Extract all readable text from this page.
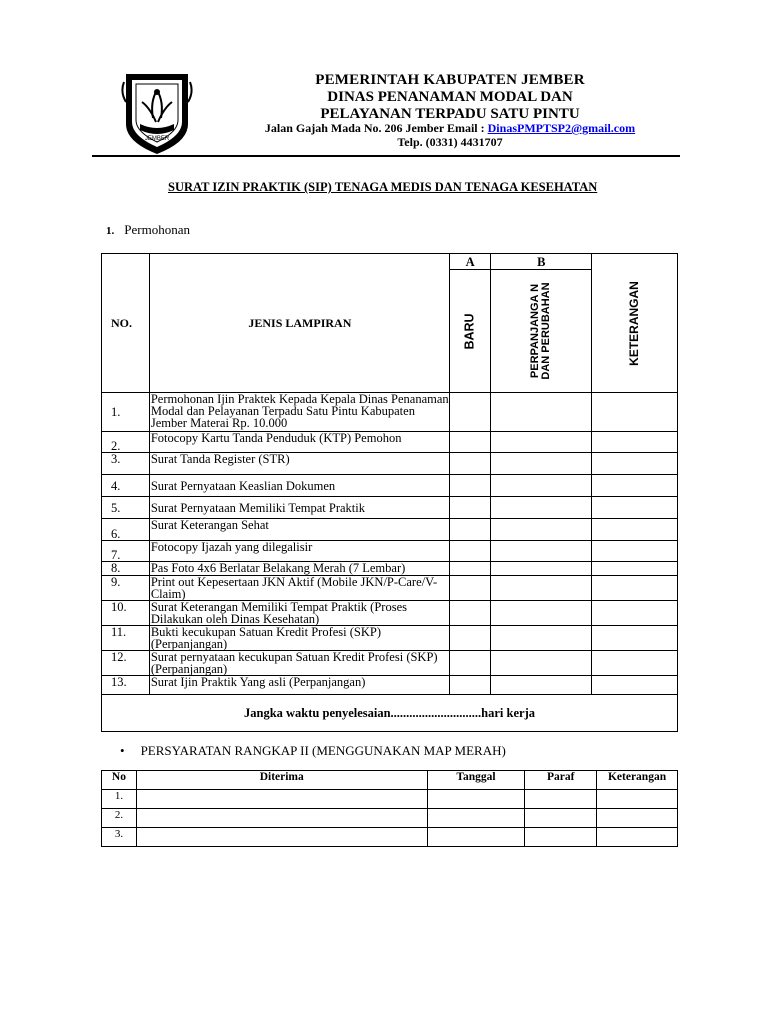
JEMBER
PEMERINTAH KABUPATEN JEMBER
DINAS PENANAMAN MODAL DAN
PELAYANAN TERPADU SATU PINTU
Jalan Gajah Mada No. 206 Jember Email : DinasPMPTSP2@gmail.com
Telp. (0331) 4431707
SURAT IZIN PRAKTIK (SIP) TENAGA MEDIS DAN TENAGA KESEHATAN
1. Permohonan
NO.	JENIS LAMPIRAN	A	B	KETERANGAN

		BARU	PERPANJANGA N DAN PERUBAHAN	

1.	Permohonan Ijin Praktek Kepada Kepala Dinas Penanaman Modal dan Pelayanan Terpadu Satu Pintu Kabupaten Jember Materai Rp. 10.000			
2.	Fotocopy Kartu Tanda Penduduk (KTP) Pemohon			
3.	Surat Tanda Register (STR)			
4.	Surat Pernyataan Keaslian Dokumen			
5.	Surat Pernyataan Memiliki Tempat Praktik			
6.	Surat Keterangan Sehat			
7.	Fotocopy Ijazah yang dilegalisir			
8.	Pas Foto 4x6 Berlatar Belakang Merah (7 Lembar)			
9.	Print out Kepesertaan JKN Aktif (Mobile JKN/P-Care/V-Claim)			
10.	Surat Keterangan Memiliki Tempat Praktik (Proses Dilakukan oleh Dinas Kesehatan)			
11.	Bukti kecukupan Satuan Kredit Profesi (SKP) (Perpanjangan)			
12.	Surat pernyataan kecukupan Satuan Kredit Profesi (SKP) (Perpanjangan)			
13.	Surat Ijin Praktik Yang asli (Perpanjangan)			
Jangka waktu penyelesaian.............................hari kerja				
• PERSYARATAN RANGKAP II (MENGGUNAKAN MAP MERAH)
No	Diterima	Tanggal	Paraf	Keterangan
1.				
2.				
3.				
